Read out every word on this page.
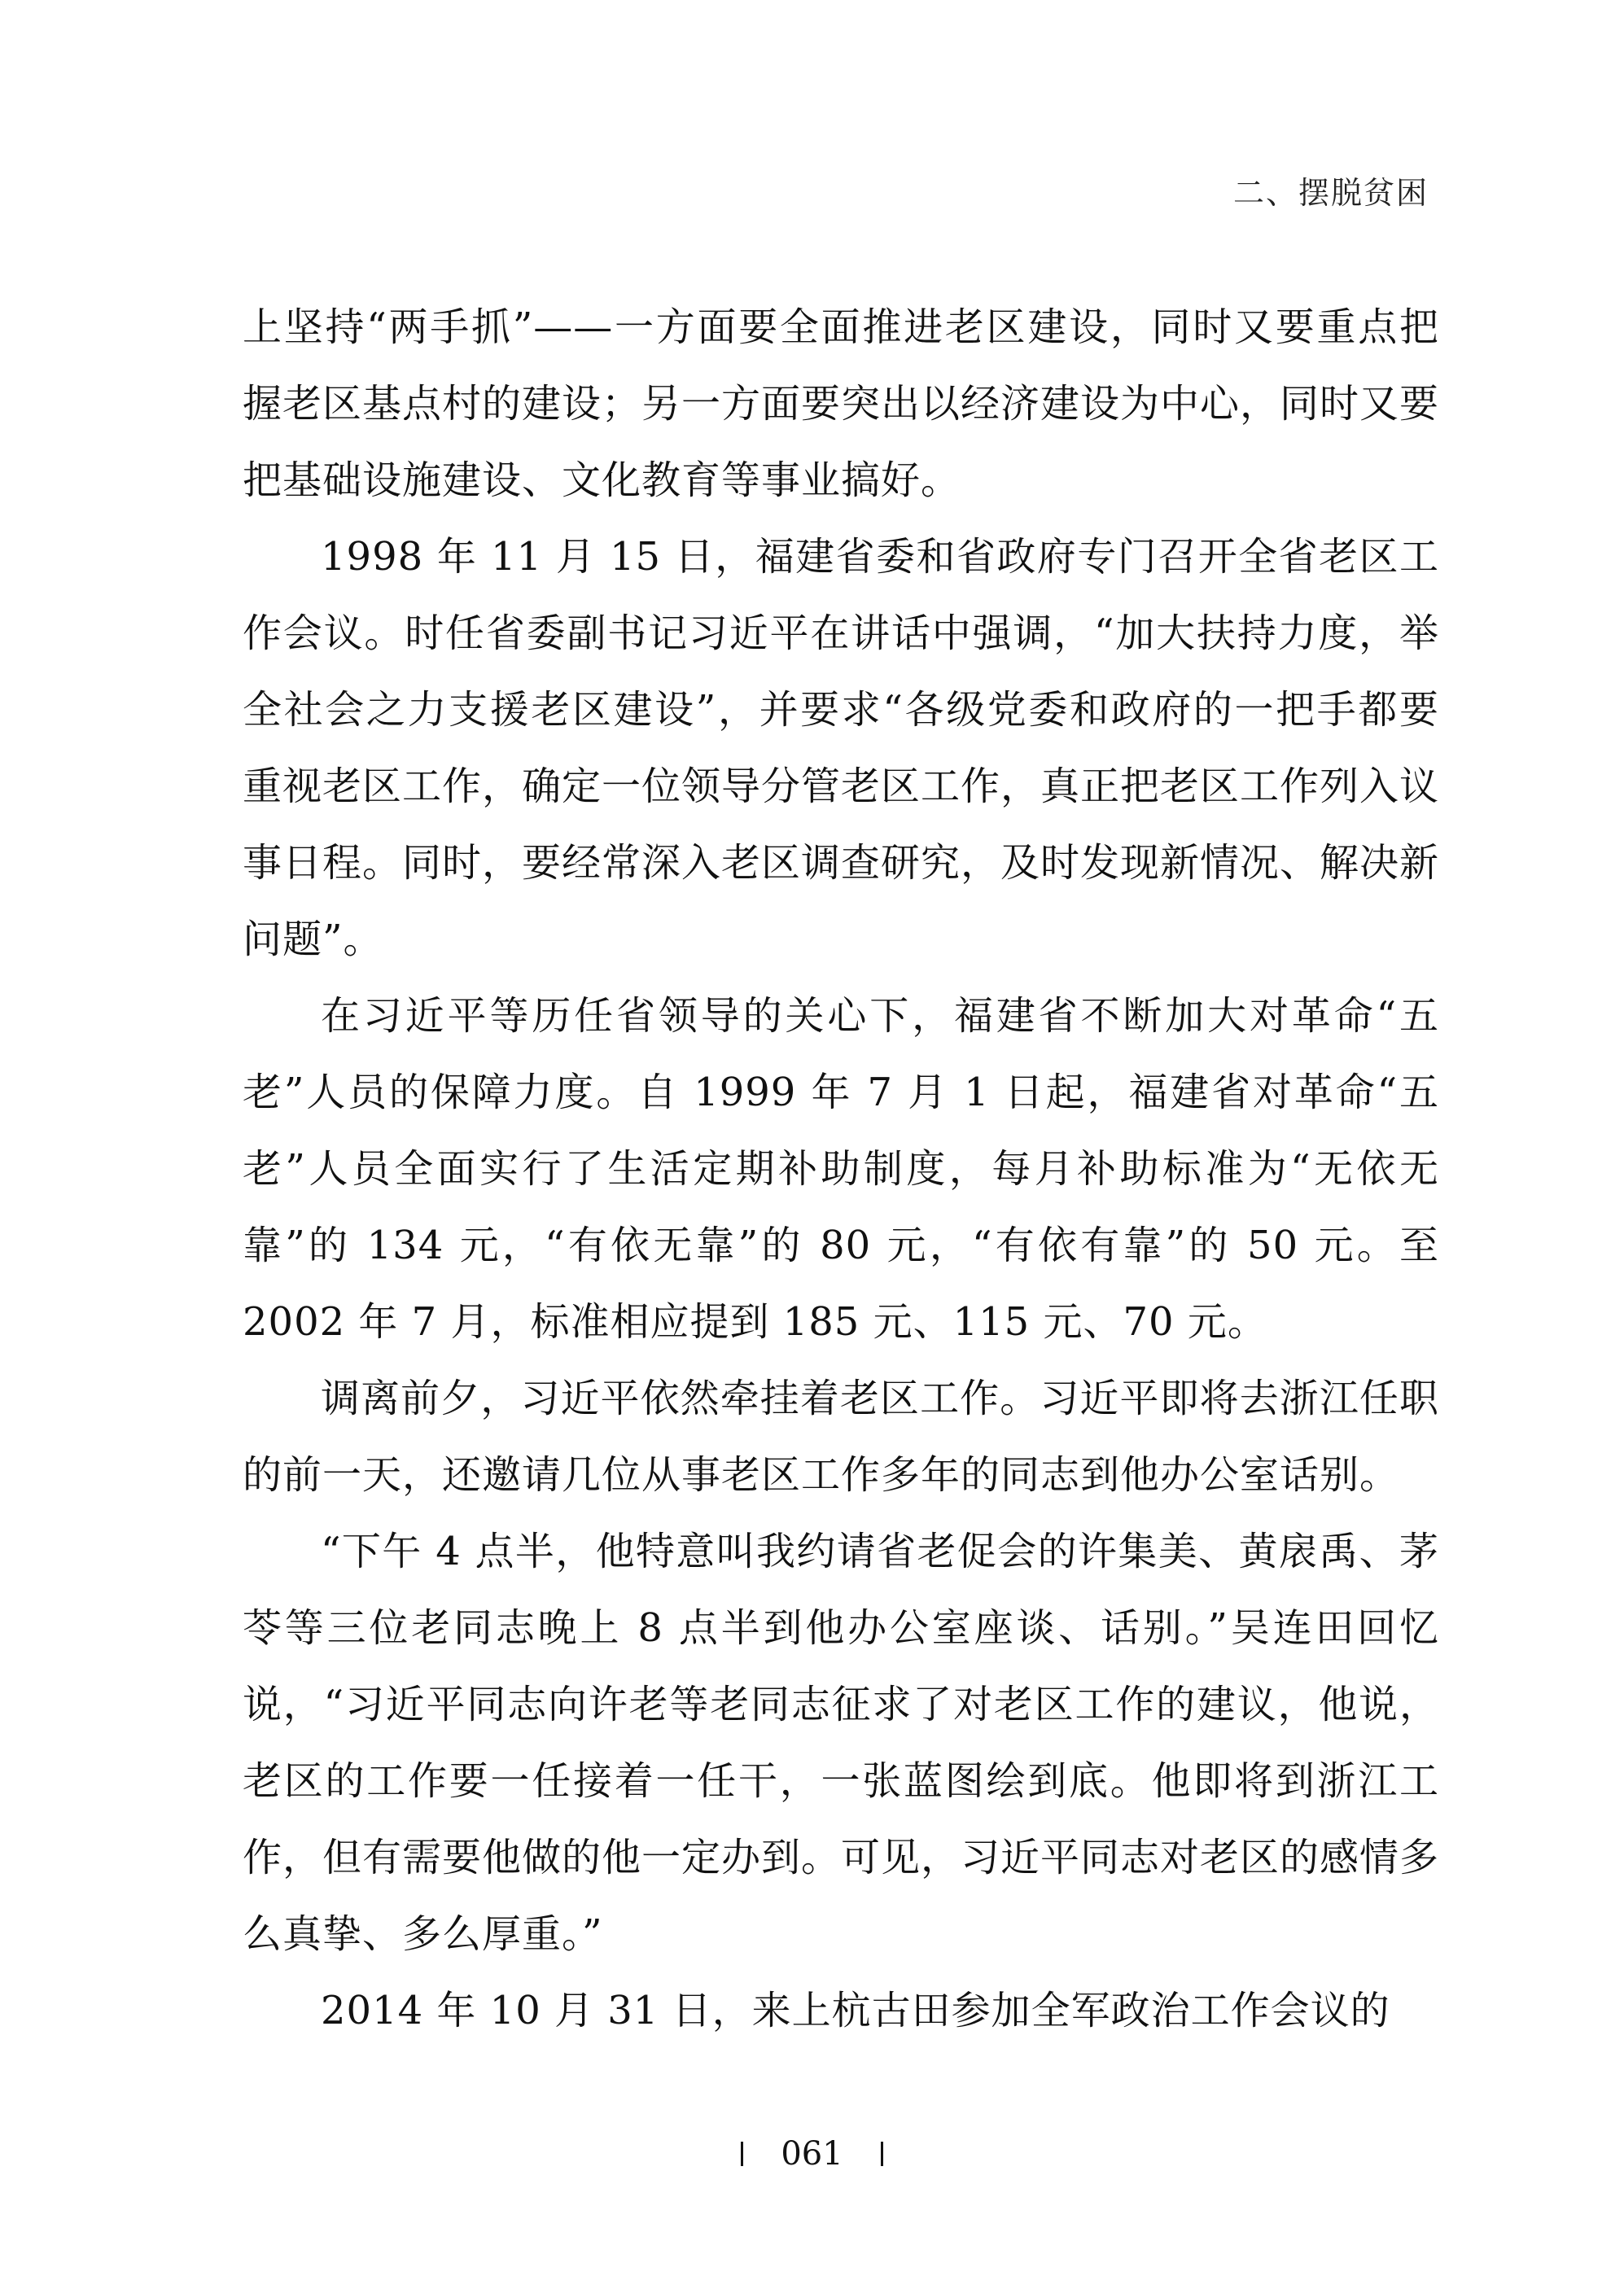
二、摆脱贫困

上坚持“两手抓”——一方面要全面推进老区建设，同时又要重点把握老区基点村的建设；另一方面要突出以经济建设为中心，同时又要把基础设施建设、文化教育等事业搞好。

1998 年 11 月 15 日，福建省委和省政府专门召开全省老区工作会议。时任省委副书记习近平在讲话中强调，“加大扶持力度，举全社会之力支援老区建设”，并要求“各级党委和政府的一把手都要重视老区工作，确定一位领导分管老区工作，真正把老区工作列入议事日程。同时，要经常深入老区调查研究，及时发现新情况、解决新问题”。

在习近平等历任省领导的关心下，福建省不断加大对革命“五老”人员的保障力度。自 1999 年 7 月 1 日起，福建省对革命“五老”人员全面实行了生活定期补助制度，每月补助标准为“无依无靠”的 134 元，“有依无靠”的 80 元，“有依有靠”的 50 元。至 2002 年 7 月，标准相应提到 185 元、115 元、70 元。

调离前夕，习近平依然牵挂着老区工作。习近平即将去浙江任职的前一天，还邀请几位从事老区工作多年的同志到他办公室话别。

“下午 4 点半，他特意叫我约请省老促会的许集美、黄扆禹、茅苓等三位老同志晚上 8 点半到他办公室座谈、话别。”吴连田回忆说，“习近平同志向许老等老同志征求了对老区工作的建议，他说，老区的工作要一任接着一任干，一张蓝图绘到底。他即将到浙江工作，但有需要他做的他一定办到。可见，习近平同志对老区的感情多么真挚、多么厚重。”

2014 年 10 月 31 日，来上杭古田参加全军政治工作会议的

061
